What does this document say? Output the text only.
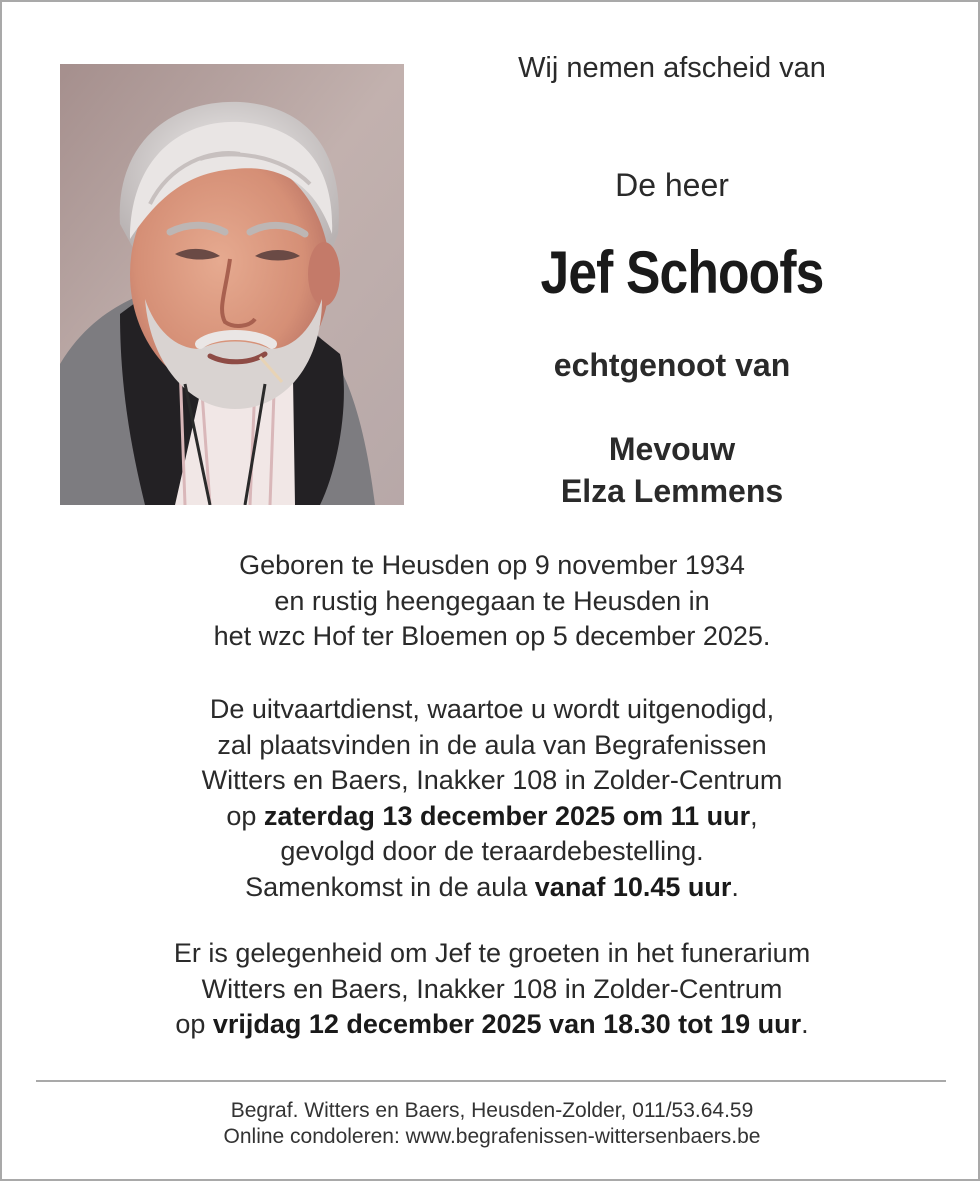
Wij nemen afscheid van
De heer
Jef Schoofs
echtgenoot van
Mevouw
Elza Lemmens
Geboren te Heusden op 9 november 1934
en rustig heengegaan te Heusden in
het wzc Hof ter Bloemen op 5 december 2025.
De uitvaartdienst, waartoe u wordt uitgenodigd,
zal plaatsvinden in de aula van Begrafenissen
Witters en Baers, Inakker 108 in Zolder-Centrum
op zaterdag 13 december 2025 om 11 uur,
gevolgd door de teraardebestelling.
Samenkomst in de aula vanaf 10.45 uur.
Er is gelegenheid om Jef te groeten in het funerarium
Witters en Baers, Inakker 108 in Zolder-Centrum
op vrijdag 12 december 2025 van 18.30 tot 19 uur.
Begraf. Witters en Baers, Heusden-Zolder, 011/53.64.59
Online condoleren: www.begrafenissen-wittersenbaers.be
